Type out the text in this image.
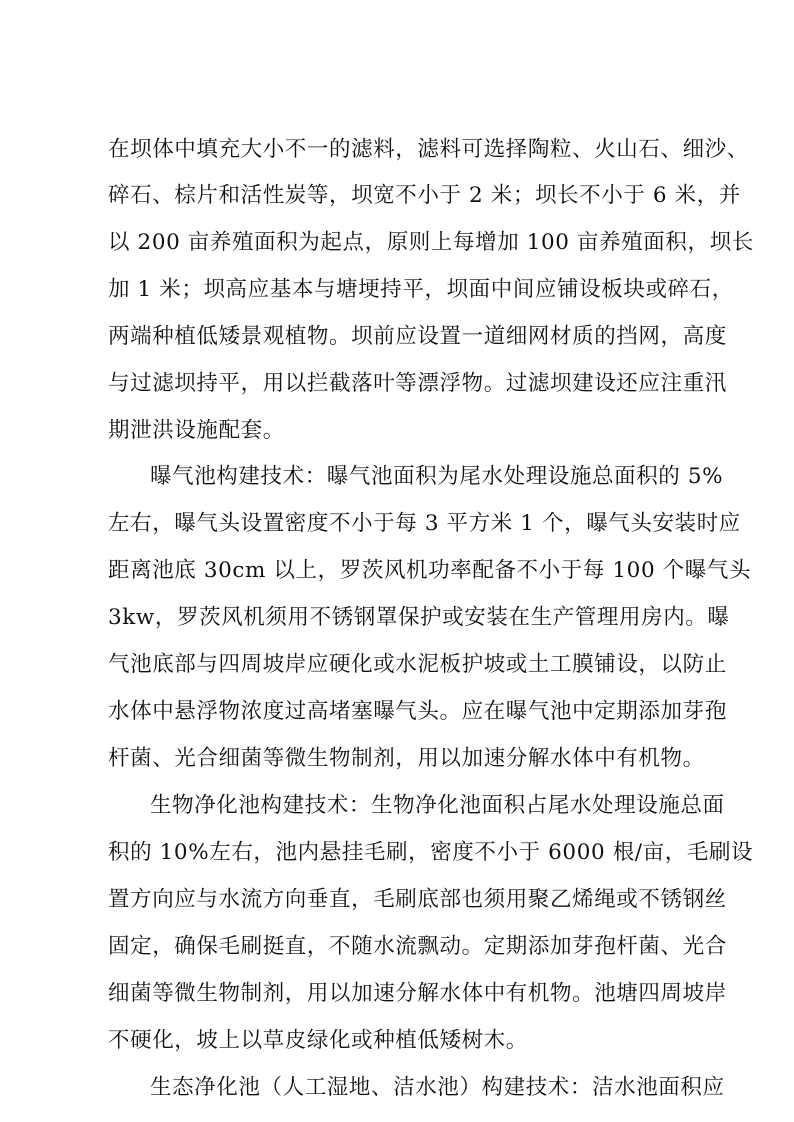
在坝体中填充大小不一的滤料，滤料可选择陶粒、火山石、细沙、
碎石、棕片和活性炭等，坝宽不小于 2 米；坝长不小于 6 米，并
以 200 亩养殖面积为起点，原则上每增加 100 亩养殖面积，坝长
加 1 米；坝高应基本与塘埂持平，坝面中间应铺设板块或碎石，
两端种植低矮景观植物。坝前应设置一道细网材质的挡网，高度
与过滤坝持平，用以拦截落叶等漂浮物。过滤坝建设还应注重汛
期泄洪设施配套。
曝气池构建技术：曝气池面积为尾水处理设施总面积的 5%
左右，曝气头设置密度不小于每 3 平方米 1 个，曝气头安装时应
距离池底 30cm 以上，罗茨风机功率配备不小于每 100 个曝气头
3kw，罗茨风机须用不锈钢罩保护或安装在生产管理用房内。曝
气池底部与四周坡岸应硬化或水泥板护坡或土工膜铺设，以防止
水体中悬浮物浓度过高堵塞曝气头。应在曝气池中定期添加芽孢
杆菌、光合细菌等微生物制剂，用以加速分解水体中有机物。
生物净化池构建技术：生物净化池面积占尾水处理设施总面
积的 10%左右，池内悬挂毛刷，密度不小于 6000 根/亩，毛刷设
置方向应与水流方向垂直，毛刷底部也须用聚乙烯绳或不锈钢丝
固定，确保毛刷挺直，不随水流飘动。定期添加芽孢杆菌、光合
细菌等微生物制剂，用以加速分解水体中有机物。池塘四周坡岸
不硬化，坡上以草皮绿化或种植低矮树木。
生态净化池（人工湿地、洁水池）构建技术：洁水池面积应
